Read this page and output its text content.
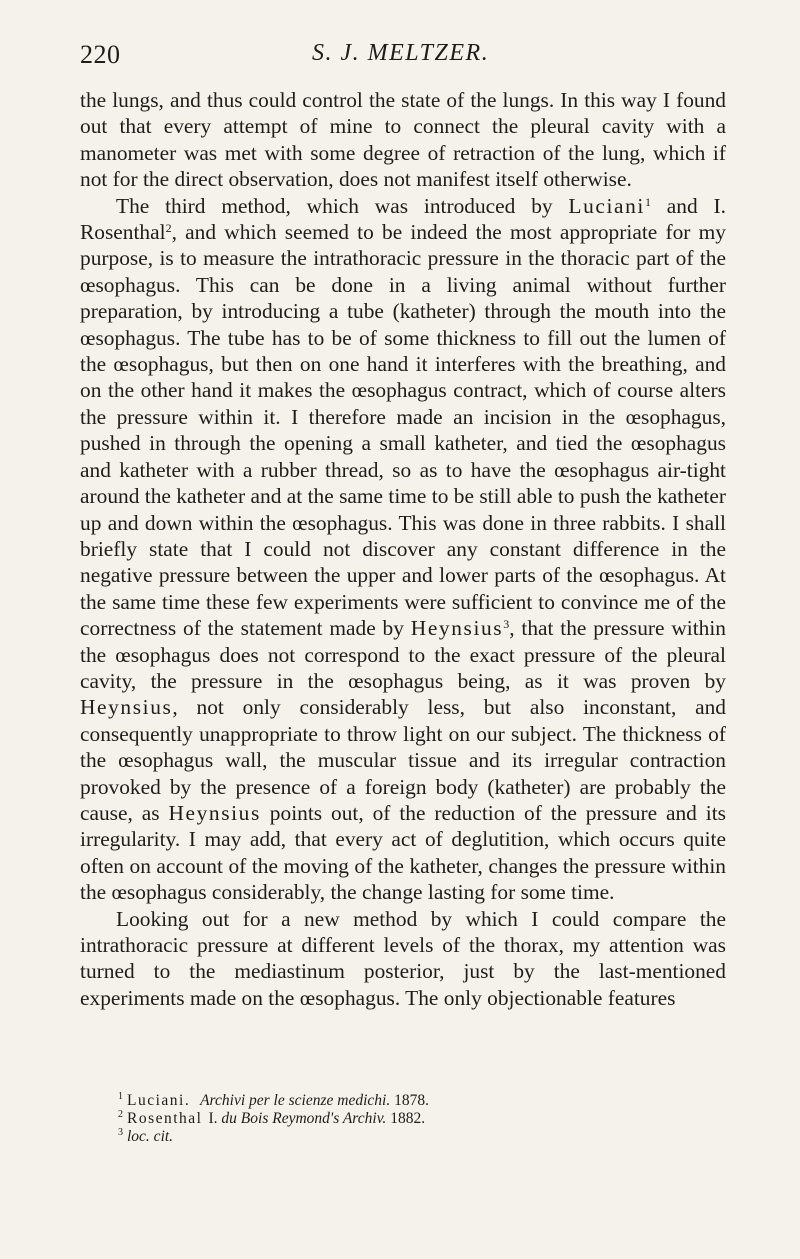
220	S. J. MELTZER.

the lungs, and thus could control the state of the lungs. In this way I found out that every attempt of mine to connect the pleural cavity with a manometer was met with some degree of retraction of the lung, which if not for the direct observation, does not manifest itself otherwise.

The third method, which was introduced by Luciani$^1$ and I. Rosenthal$^2$, and which seemed to be indeed the most appropriate for my purpose, is to measure the intrathoracic pressure in the thoracic part of the œsophagus. This can be done in a living animal without further preparation, by introducing a tube (katheter) through the mouth into the œsophagus. The tube has to be of some thickness to fill out the lumen of the œsophagus, but then on one hand it interferes with the breathing, and on the other hand it makes the œsophagus contract, which of course alters the pressure within it. I therefore made an incision in the œsophagus, pushed in through the opening a small katheter, and tied the œsophagus and katheter with a rubber thread, so as to have the œsophagus air-tight around the katheter and at the same time to be still able to push the katheter up and down within the œsophagus. This was done in three rabbits. I shall briefly state that I could not discover any constant difference in the negative pressure between the upper and lower parts of the œsophagus. At the same time these few experiments were sufficient to convince me of the correctness of the statement made by Heynsius$^3$, that the pressure within the œsophagus does not correspond to the exact pressure of the pleural cavity, the pressure in the œsophagus being, as it was proven by Heynsius, not only considerably less, but also inconstant, and consequently unappropriate to throw light on our subject. The thickness of the œsophagus wall, the muscular tissue and its irregular contraction provoked by the presence of a foreign body (katheter) are probably the cause, as Heynsius points out, of the reduction of the pressure and its irregularity. I may add, that every act of deglutition, which occurs quite often on account of the moving of the katheter, changes the pressure within the œsophagus considerably, the change lasting for some time.

Looking out for a new method by which I could compare the intrathoracic pressure at different levels of the thorax, my attention was turned to the mediastinum posterior, just by the last-mentioned experiments made on the œsophagus. The only objectionable features

$^1$ Luciani. Archivi per le scienze medichi. 1878.
$^2$ Rosenthal I. du Bois Reymond's Archiv. 1882.
$^3$ loc. cit.
